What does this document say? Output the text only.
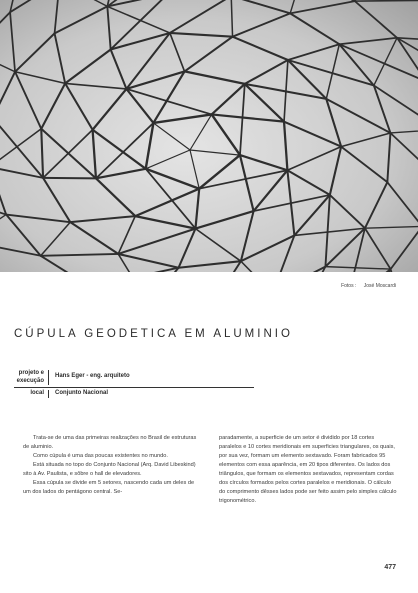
Fotos : José Moscardi
CÚPULA GEODETICA EM ALUMINIO
projeto e
execução
Hans Eger - eng. arquiteto
local	Conjunto Nacional

Trata-se de uma das primeiras realizações no Brasil de estruturas de aluminio.

Como cúpula é uma das poucas existentes no mundo.

Está situada no topo do Conjunto Nacional (Arq. David Libeskind) sito à Av. Paulista, e sôbre o hall de elevadores.

Essa cúpula se divide em 5 setores, nascendo cada um deles de um dos lados do pentágono central. Se-

paradamente, a superficie de um setor é dividido por 18 cortes paralelos e 10 cortes meridionais em superficies triangulares, os quais, por sua vez, formam um elemento sextavado. Foram fabricados 95 elementos com essa aparência, em 20 tipos diferentes. Os lados dos triângulos, que formam os elementos sextavados, representam cordas dos círculos formados pelos cortes paralelos e meridionais. O cálculo do comprimento dêsses lados pode ser feito assim pelo simples cálculo trigonométrico.

477
